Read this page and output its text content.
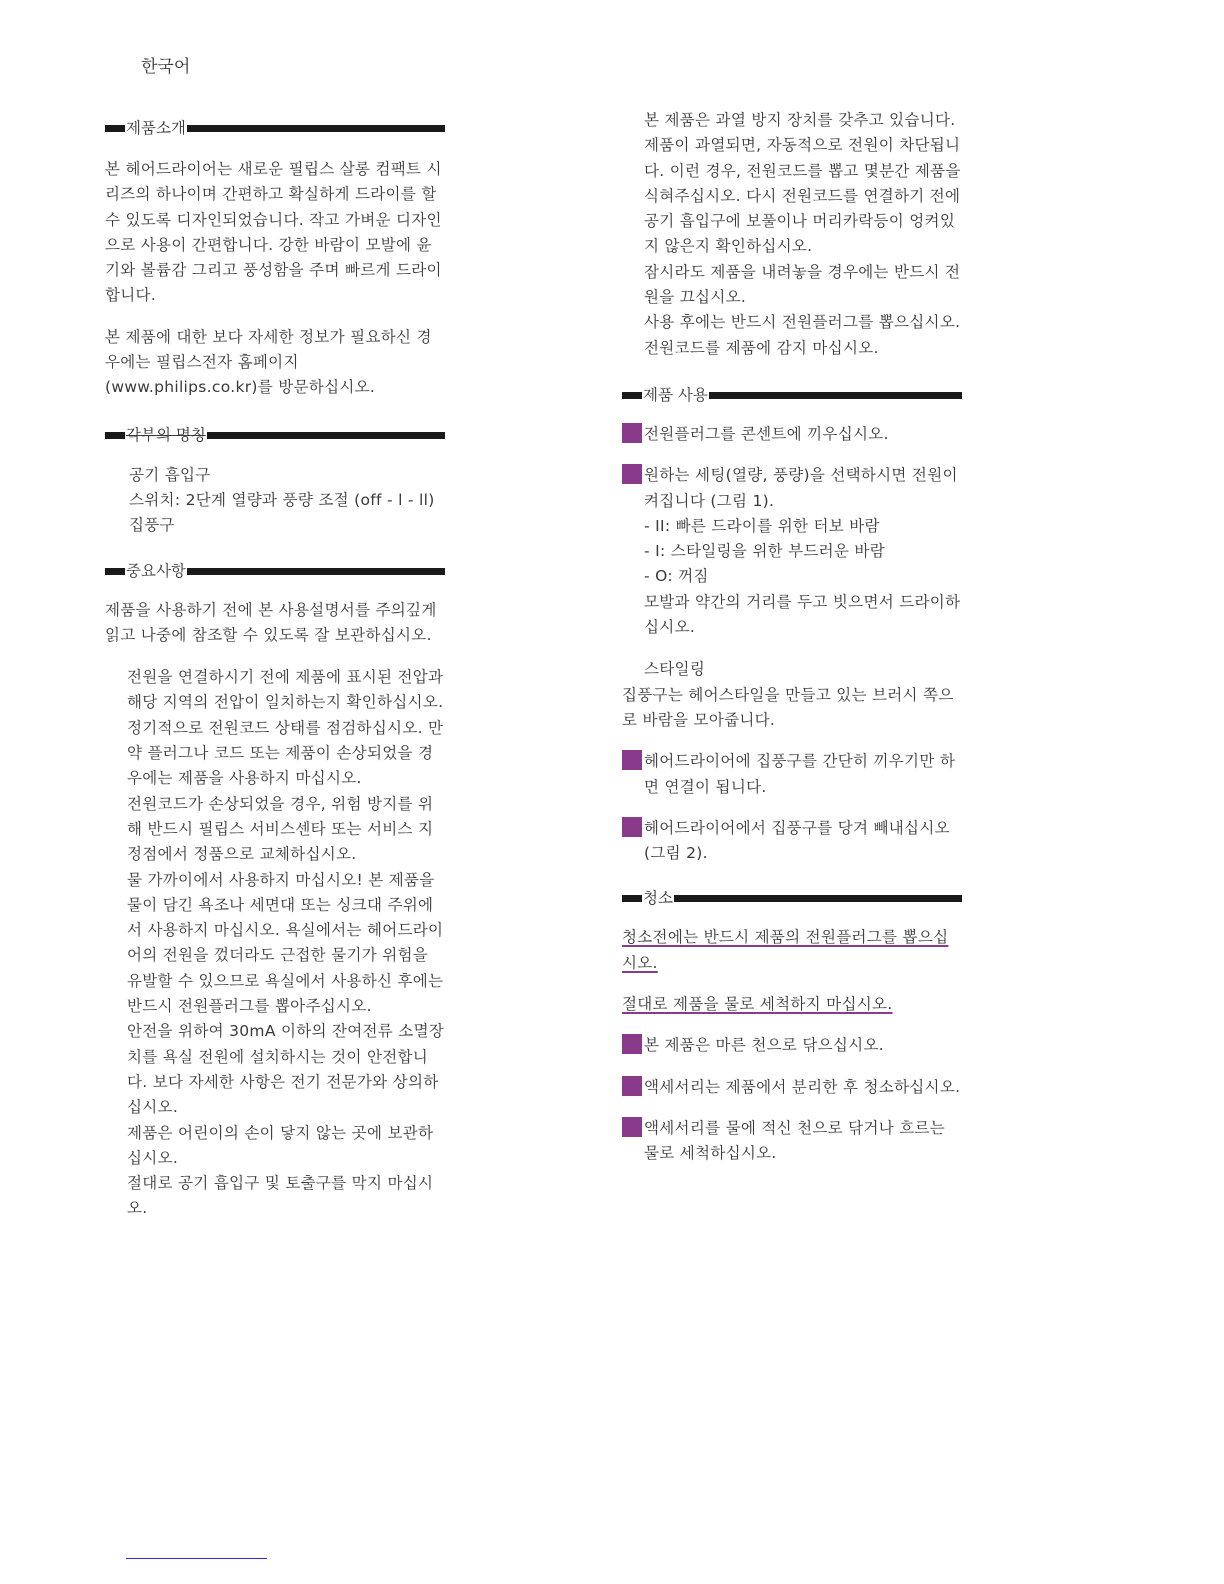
한국어
제품소개

본 헤어드라이어는 새로운 필립스 살롱 컴팩트 시리즈의 하나이며 간편하고 확실하게 드라이를 할 수 있도록 디자인되었습니다. 작고 가벼운 디자인으로 사용이 간편합니다. 강한 바람이 모발에 윤기와 볼륨감 그리고 풍성함을 주며 빠르게 드라이합니다.

본 제품에 대한 보다 자세한 정보가 필요하신 경우에는 필립스전자 홈페이지 (www.philips.co.kr)를 방문하십시오.

각부의 명칭

공기 흡입구

스위치: 2단계 열량과 풍량 조절 (off - l - ll)

집풍구

중요사항

제품을 사용하기 전에 본 사용설명서를 주의깊게 읽고 나중에 참조할 수 있도록 잘 보관하십시오.

전원을 연결하시기 전에 제품에 표시된 전압과 해당 지역의 전압이 일치하는지 확인하십시오.

정기적으로 전원코드 상태를 점검하십시오. 만약 플러그나 코드 또는 제품이 손상되었을 경우에는 제품을 사용하지 마십시오.

전원코드가 손상되었을 경우, 위험 방지를 위해 반드시 필립스 서비스센타 또는 서비스 지정점에서 정품으로 교체하십시오.

물 가까이에서 사용하지 마십시오! 본 제품을 물이 담긴 욕조나 세면대 또는 싱크대 주위에서 사용하지 마십시오. 욕실에서는 헤어드라이어의 전원을 껐더라도 근접한 물기가 위험을 유발할 수 있으므로 욕실에서 사용하신 후에는 반드시 전원플러그를 뽑아주십시오.

안전을 위하여 30mA 이하의 잔여전류 소멸장치를 욕실 전원에 설치하시는 것이 안전합니다. 보다 자세한 사항은 전기 전문가와 상의하십시오.

제품은 어린이의 손이 닿지 않는 곳에 보관하십시오.

절대로 공기 흡입구 및 토출구를 막지 마십시오.

본 제품은 과열 방지 장치를 갖추고 있습니다. 제품이 과열되면, 자동적으로 전원이 차단됩니다. 이런 경우, 전원코드를 뽑고 몇분간 제품을 식혀주십시오. 다시 전원코드를 연결하기 전에 공기 흡입구에 보풀이나 머리카락등이 엉켜있지 않은지 확인하십시오.

잠시라도 제품을 내려놓을 경우에는 반드시 전원을 끄십시오.

사용 후에는 반드시 전원플러그를 뽑으십시오.

전원코드를 제품에 감지 마십시오.

제품 사용

전원플러그를 콘센트에 끼우십시오.

원하는 세팅(열량, 풍량)을 선택하시면 전원이 켜집니다 (그림 1).

- II: 빠른 드라이를 위한 터보 바람

- I: 스타일링을 위한 부드러운 바람

- O: 꺼짐

모발과 약간의 거리를 두고 빗으면서 드라이하십시오.

스타일링

집풍구는 헤어스타일을 만들고 있는 브러시 쪽으로 바람을 모아줍니다.

헤어드라이어에 집풍구를 간단히 끼우기만 하면 연결이 됩니다.

헤어드라이어에서 집풍구를 당겨 빼내십시오 (그림 2).

청소

청소전에는 반드시 제품의 전원플러그를 뽑으십시오.

절대로 제품을 물로 세척하지 마십시오.

본 제품은 마른 천으로 닦으십시오.

액세서리는 제품에서 분리한 후 청소하십시오.

액세서리를 물에 적신 천으로 닦거나 흐르는 물로 세척하십시오.
